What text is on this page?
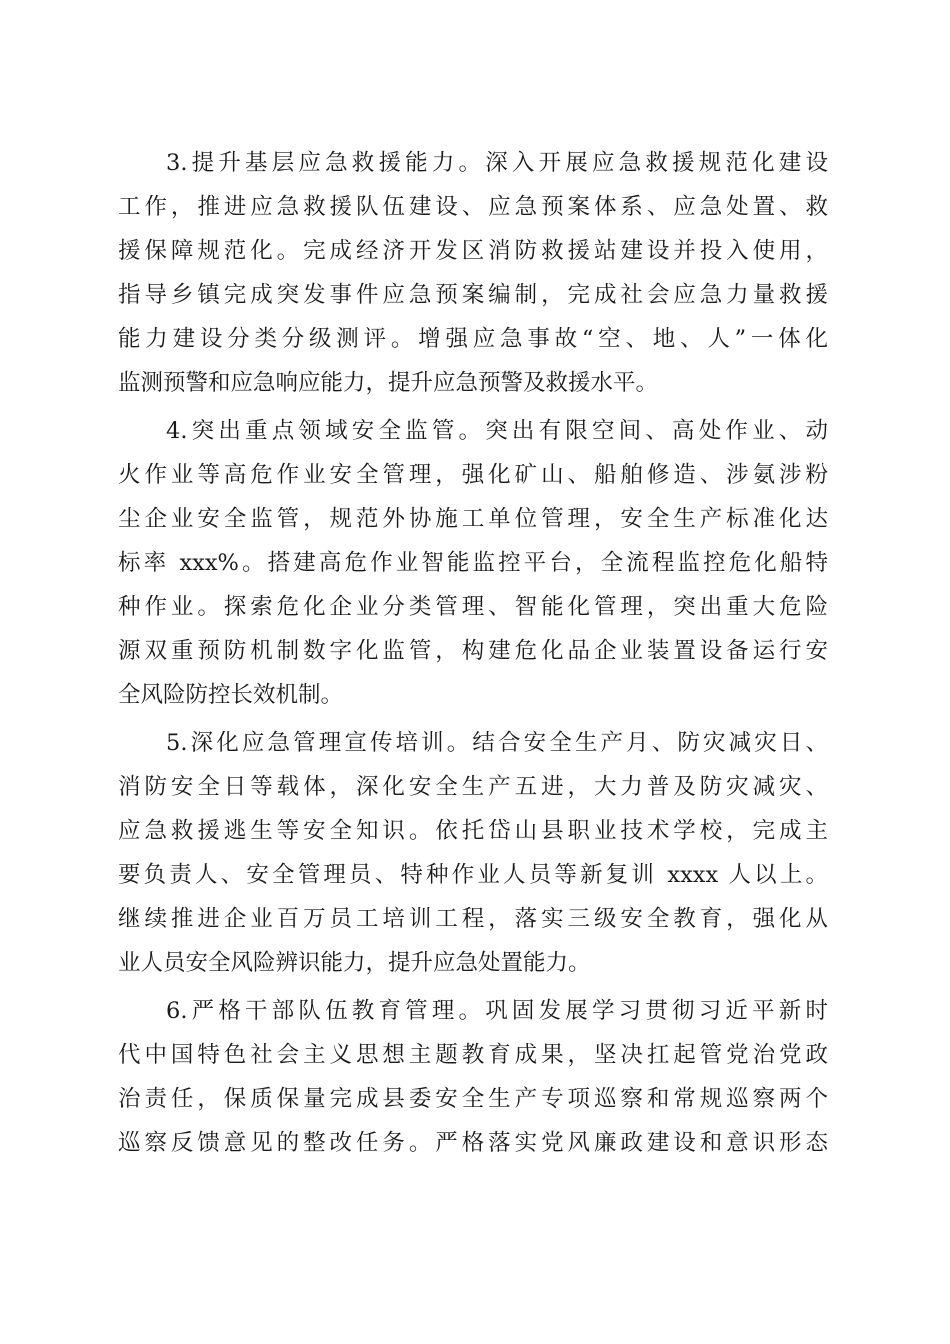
3.提升基层应急救援能力。深入开展应急救援规范化建设
工作，推进应急救援队伍建设、应急预案体系、应急处置、救
援保障规范化。完成经济开发区消防救援站建设并投入使用，
指导乡镇完成突发事件应急预案编制，完成社会应急力量救援
能力建设分类分级测评。增强应急事故“空、地、人”一体化
监测预警和应急响应能力，提升应急预警及救援水平。
4.突出重点领域安全监管。突出有限空间、高处作业、动
火作业等高危作业安全管理，强化矿山、船舶修造、涉氨涉粉
尘企业安全监管，规范外协施工单位管理，安全生产标准化达
标率 xxx%。搭建高危作业智能监控平台，全流程监控危化船特
种作业。探索危化企业分类管理、智能化管理，突出重大危险
源双重预防机制数字化监管，构建危化品企业装置设备运行安
全风险防控长效机制。
5.深化应急管理宣传培训。结合安全生产月、防灾减灾日、
消防安全日等载体，深化安全生产五进，大力普及防灾减灾、
应急救援逃生等安全知识。依托岱山县职业技术学校，完成主
要负责人、安全管理员、特种作业人员等新复训 xxxx 人以上。
继续推进企业百万员工培训工程，落实三级安全教育，强化从
业人员安全风险辨识能力，提升应急处置能力。
6.严格干部队伍教育管理。巩固发展学习贯彻习近平新时
代中国特色社会主义思想主题教育成果，坚决扛起管党治党政
治责任，保质保量完成县委安全生产专项巡察和常规巡察两个
巡察反馈意见的整改任务。严格落实党风廉政建设和意识形态
